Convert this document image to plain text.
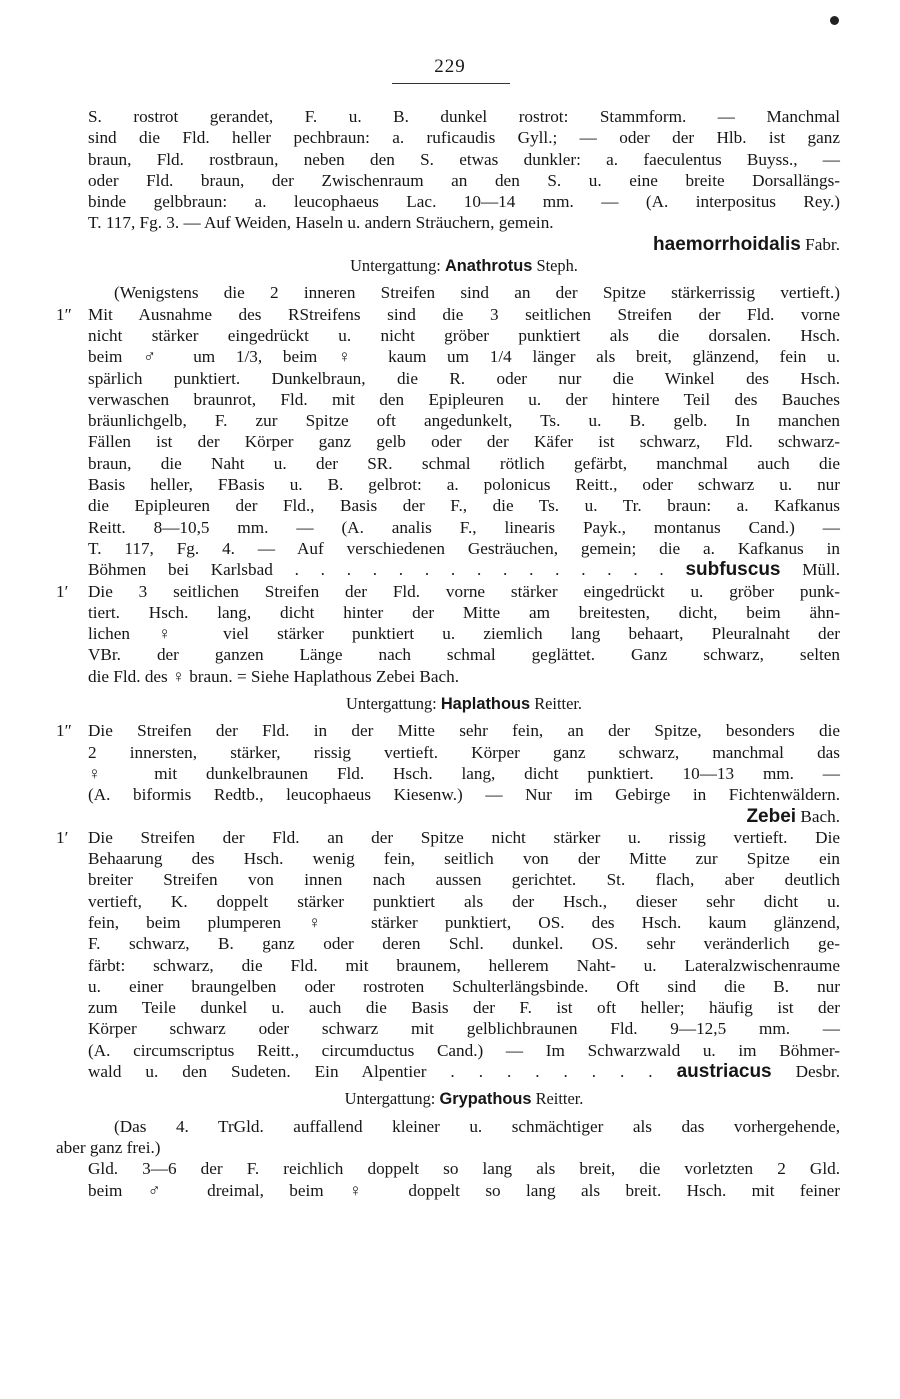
229
S. rostrot gerandet, F. u. B. dunkel rostrot: Stammform. — Manchmal
sind die Fld. heller pechbraun: a. ruficaudis Gyll.; — oder der Hlb. ist ganz
braun, Fld. rostbraun, neben den S. etwas dunkler: a. faeculentus Buyss., —
oder Fld. braun, der Zwischenraum an den S. u. eine breite Dorsallängs-
binde gelbbraun: a. leucophaeus Lac. 10—14 mm. — (A. interpositus Rey.)
T. 117, Fg. 3. — Auf Weiden, Haseln u. andern Sträuchern, gemein.
haemorrhoidalis Fabr.
Untergattung: Anathrotus Steph.
(Wenigstens die 2 inneren Streifen sind an der Spitze stärkerrissig vertieft.)
1″ Mit Ausnahme des RStreifens sind die 3 seitlichen Streifen der Fld. vorne
nicht stärker eingedrückt u. nicht gröber punktiert als die dorsalen. Hsch.
beim ♂ um 1/3, beim ♀ kaum um 1/4 länger als breit, glänzend, fein u.
spärlich punktiert. Dunkelbraun, die R. oder nur die Winkel des Hsch.
verwaschen braunrot, Fld. mit den Epipleuren u. der hintere Teil des Bauches
bräunlichgelb, F. zur Spitze oft angedunkelt, Ts. u. B. gelb. In manchen
Fällen ist der Körper ganz gelb oder der Käfer ist schwarz, Fld. schwarz-
braun, die Naht u. der SR. schmal rötlich gefärbt, manchmal auch die
Basis heller, FBasis u. B. gelbrot: a. polonicus Reitt., oder schwarz u. nur
die Epipleuren der Fld., Basis der F., die Ts. u. Tr. braun: a. Kafkanus
Reitt. 8—10,5 mm. — (A. analis F., linearis Payk., montanus Cand.) —
T. 117, Fg. 4. — Auf verschiedenen Gesträuchen, gemein; die a. Kafkanus in
Böhmen bei Karlsbad . . . . . . . . . . . . . . . subfuscus Müll.
1′ Die 3 seitlichen Streifen der Fld. vorne stärker eingedrückt u. gröber punk-
tiert. Hsch. lang, dicht hinter der Mitte am breitesten, dicht, beim ähn-
lichen ♀ viel stärker punktiert u. ziemlich lang behaart, Pleuralnaht der
VBr. der ganzen Länge nach schmal geglättet. Ganz schwarz, selten
die Fld. des ♀ braun. = Siehe Haplathous Zebei Bach.
Untergattung: Haplathous Reitter.
1″ Die Streifen der Fld. in der Mitte sehr fein, an der Spitze, besonders die
2 innersten, stärker, rissig vertieft. Körper ganz schwarz, manchmal das
♀ mit dunkelbraunen Fld. Hsch. lang, dicht punktiert. 10—13 mm. —
(A. biformis Redtb., leucophaeus Kiesenw.) — Nur im Gebirge in Fichtenwäldern.
Zebei Bach.
1′ Die Streifen der Fld. an der Spitze nicht stärker u. rissig vertieft. Die
Behaarung des Hsch. wenig fein, seitlich von der Mitte zur Spitze ein
breiter Streifen von innen nach aussen gerichtet. St. flach, aber deutlich
vertieft, K. doppelt stärker punktiert als der Hsch., dieser sehr dicht u.
fein, beim plumperen ♀ stärker punktiert, OS. des Hsch. kaum glänzend,
F. schwarz, B. ganz oder deren Schl. dunkel. OS. sehr veränderlich ge-
färbt: schwarz, die Fld. mit braunem, hellerem Naht- u. Lateralzwischenraume
u. einer braungelben oder rostroten Schulterlängsbinde. Oft sind die B. nur
zum Teile dunkel u. auch die Basis der F. ist oft heller; häufig ist der
Körper schwarz oder schwarz mit gelblichbraunen Fld. 9—12,5 mm. —
(A. circumscriptus Reitt., circumductus Cand.) — Im Schwarzwald u. im Böhmer-
wald u. den Sudeten. Ein Alpentier . . . . . . . . austriacus Desbr.
Untergattung: Grypathous Reitter.
(Das 4. TrGld. auffallend kleiner u. schmächtiger als das vorhergehende,
aber ganz frei.)
Gld. 3—6 der F. reichlich doppelt so lang als breit, die vorletzten 2 Gld.
beim ♂ dreimal, beim ♀ doppelt so lang als breit. Hsch. mit feiner
